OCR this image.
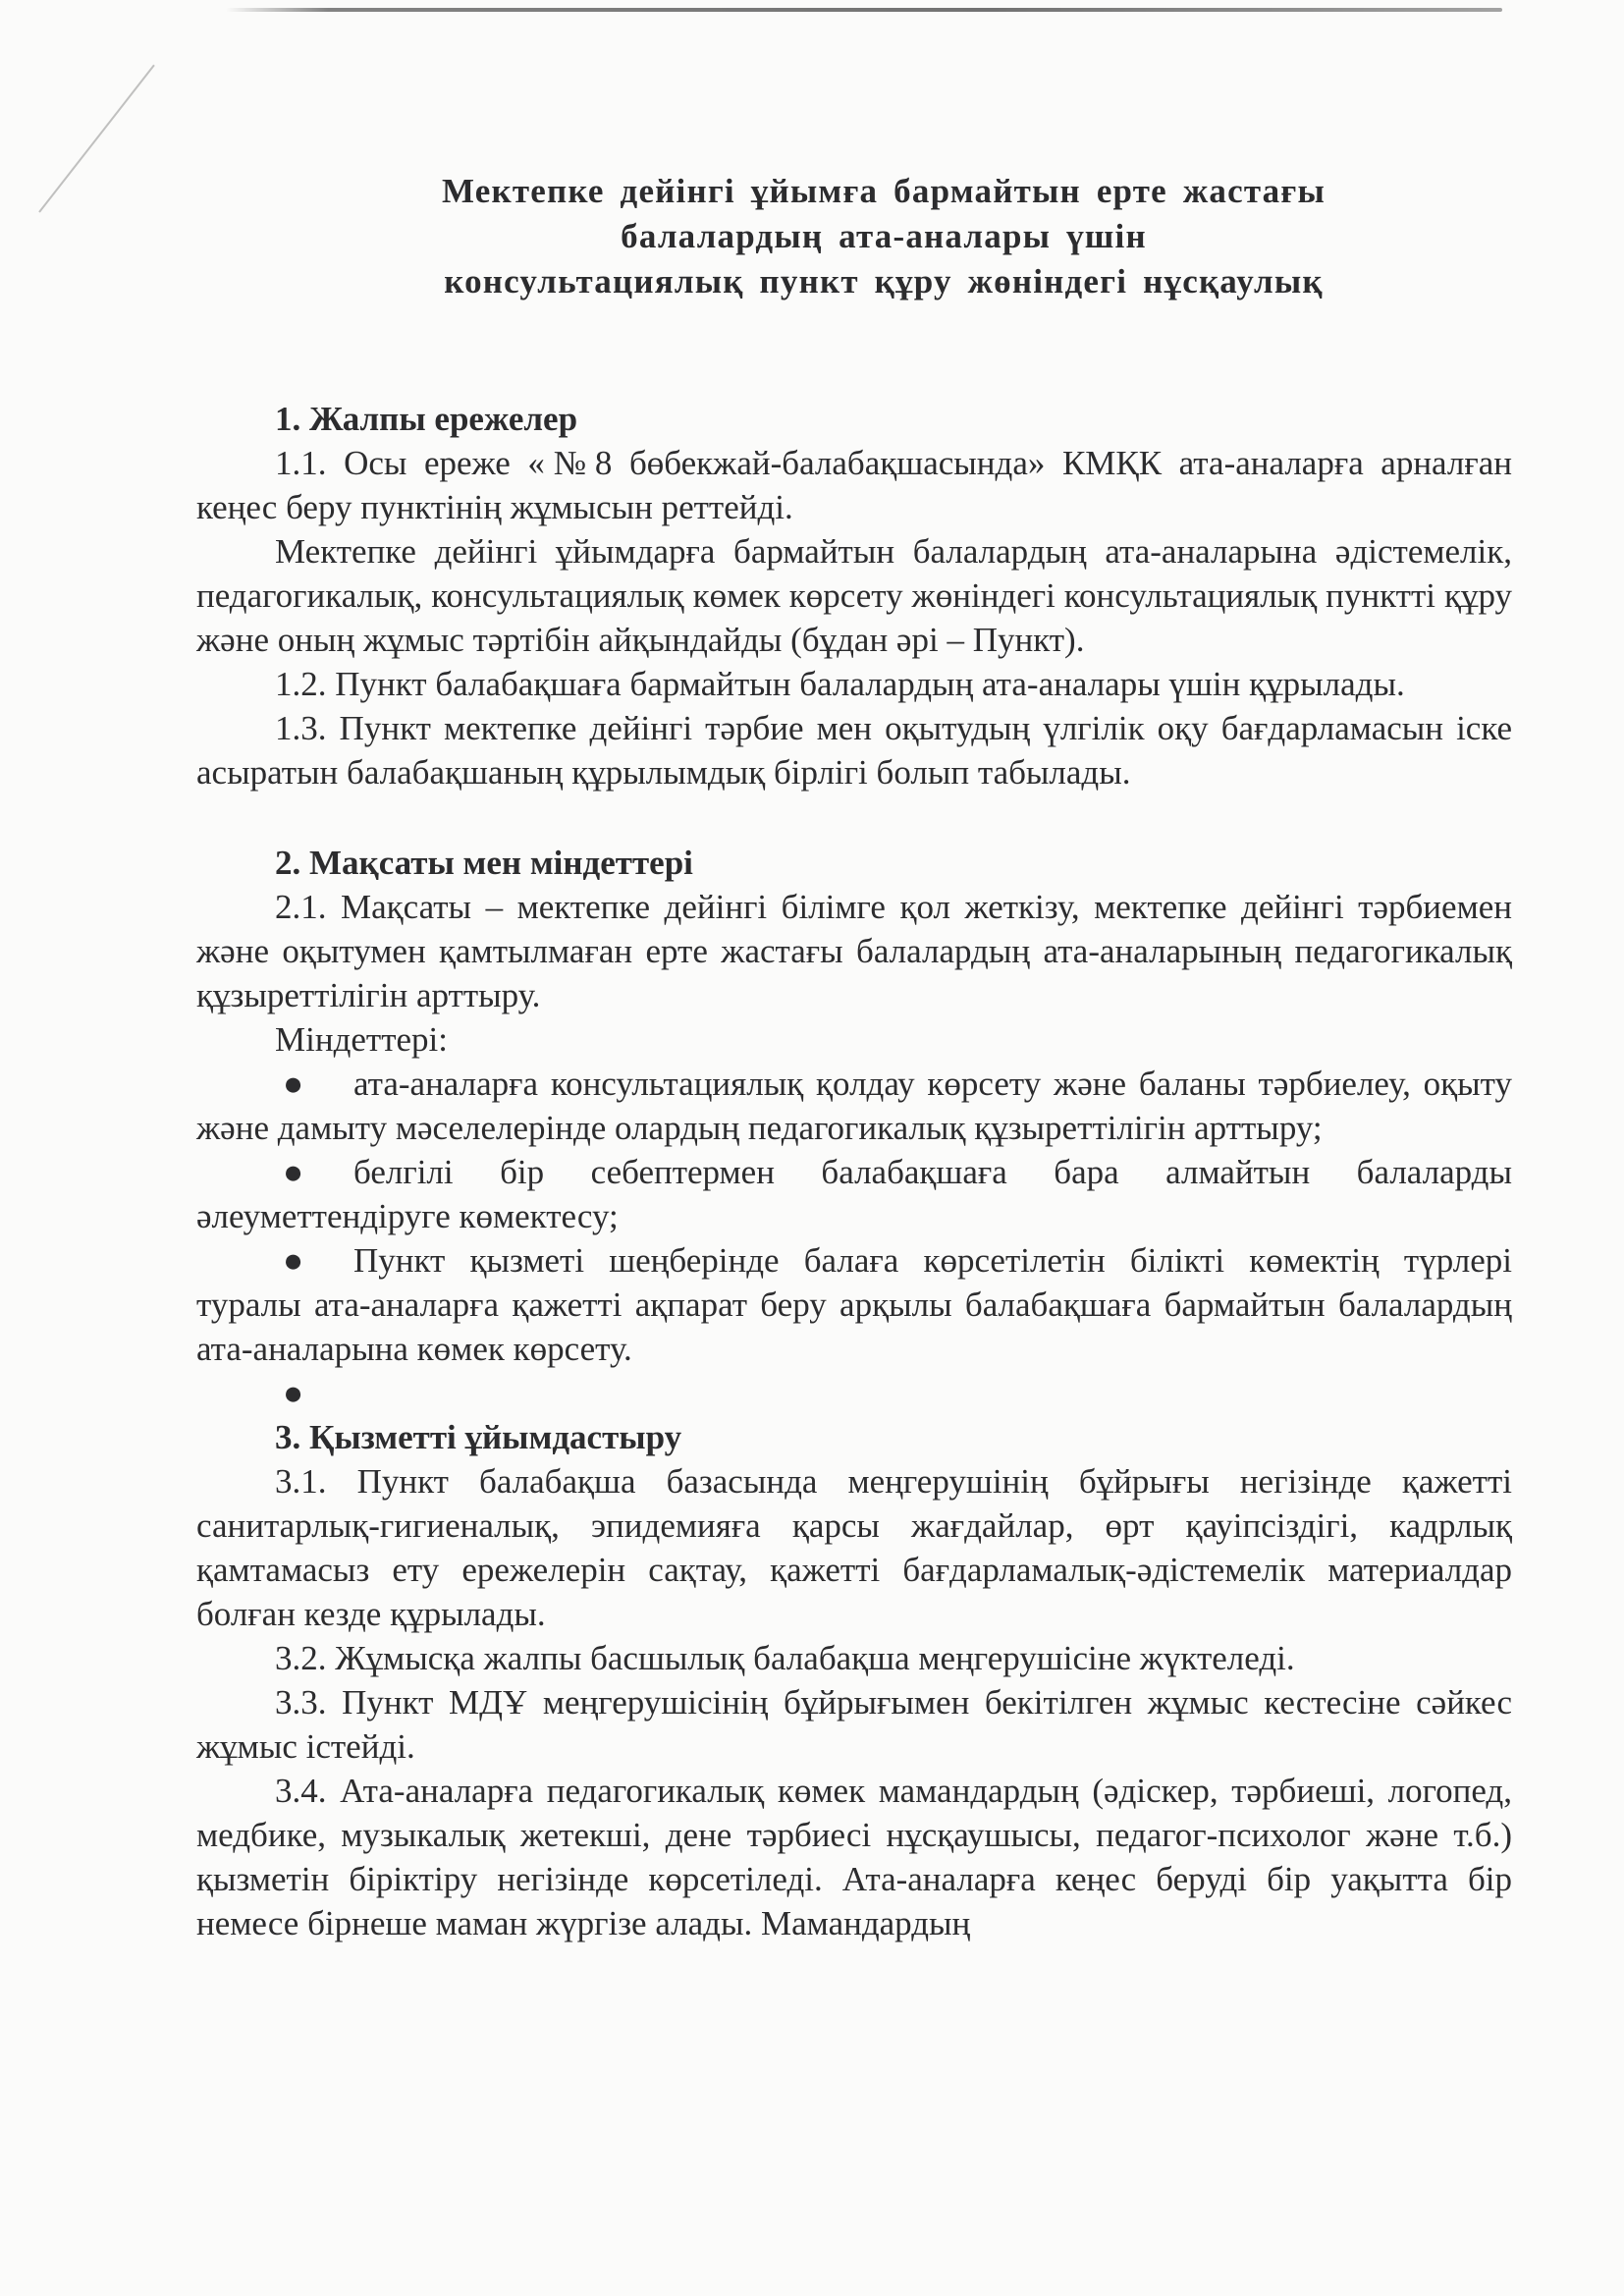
Мектепке дейінгі ұйымға бармайтын ерте жастағы
балалардың ата-аналары үшін
консультациялық пункт құру жөніндегі нұсқаулық
1. Жалпы ережелер

1.1. Осы ереже «№8 бөбекжай-балабақшасында» КМҚК ата-аналарға арналған кеңес беру пунктінің жұмысын реттейді.

Мектепке дейінгі ұйымдарға бармайтын балалардың ата-аналарына әдістемелік, педагогикалық, консультациялық көмек көрсету жөніндегі консультациялық пунктті құру және оның жұмыс тәртібін айқындайды (бұдан әрі – Пункт).

1.2. Пункт балабақшаға бармайтын балалардың ата-аналары үшін құрылады.

1.3. Пункт мектепке дейінгі тәрбие мен оқытудың үлгілік оқу бағдарламасын іске асыратын балабақшаның құрылымдық бірлігі болып табылады.

2. Мақсаты мен міндеттері

2.1. Мақсаты – мектепке дейінгі білімге қол жеткізу, мектепке дейінгі тәрбиемен және оқытумен қамтылмаған ерте жастағы балалардың ата-аналарының педагогикалық құзыреттілігін арттыру.

Міндеттері:

● ата-аналарға консультациялық қолдау көрсету және баланы тәрбиелеу, оқыту және дамыту мәселелерінде олардың педагогикалық құзыреттілігін арттыру;
● белгілі бір себептермен балабақшаға бара алмайтын балаларды әлеуметтендіруге көмектесу;
● Пункт қызметі шеңберінде балаға көрсетілетін білікті көмектің түрлері туралы ата-аналарға қажетті ақпарат беру арқылы балабақшаға бармайтын балалардың ата-аналарына көмек көрсету.
●
3. Қызметті ұйымдастыру

3.1. Пункт балабақша базасында меңгерушінің бұйрығы негізінде қажетті санитарлық-гигиеналық, эпидемияға қарсы жағдайлар, өрт қауіпсіздігі, кадрлық қамтамасыз ету ережелерін сақтау, қажетті бағдарламалық-әдістемелік материалдар болған кезде құрылады.

3.2. Жұмысқа жалпы басшылық балабақша меңгерушісіне жүктеледі.

3.3. Пункт МДҰ меңгерушісінің бұйрығымен бекітілген жұмыс кестесіне сәйкес жұмыс істейді.

3.4. Ата-аналарға педагогикалық көмек мамандардың (әдіскер, тәрбиеші, логопед, медбике, музыкалық жетекші, дене тәрбиесі нұсқаушысы, педагог-психолог және т.б.) қызметін біріктіру негізінде көрсетіледі. Ата-аналарға кеңес беруді бір уақытта бір немесе бірнеше маман жүргізе алады. Мамандардың
